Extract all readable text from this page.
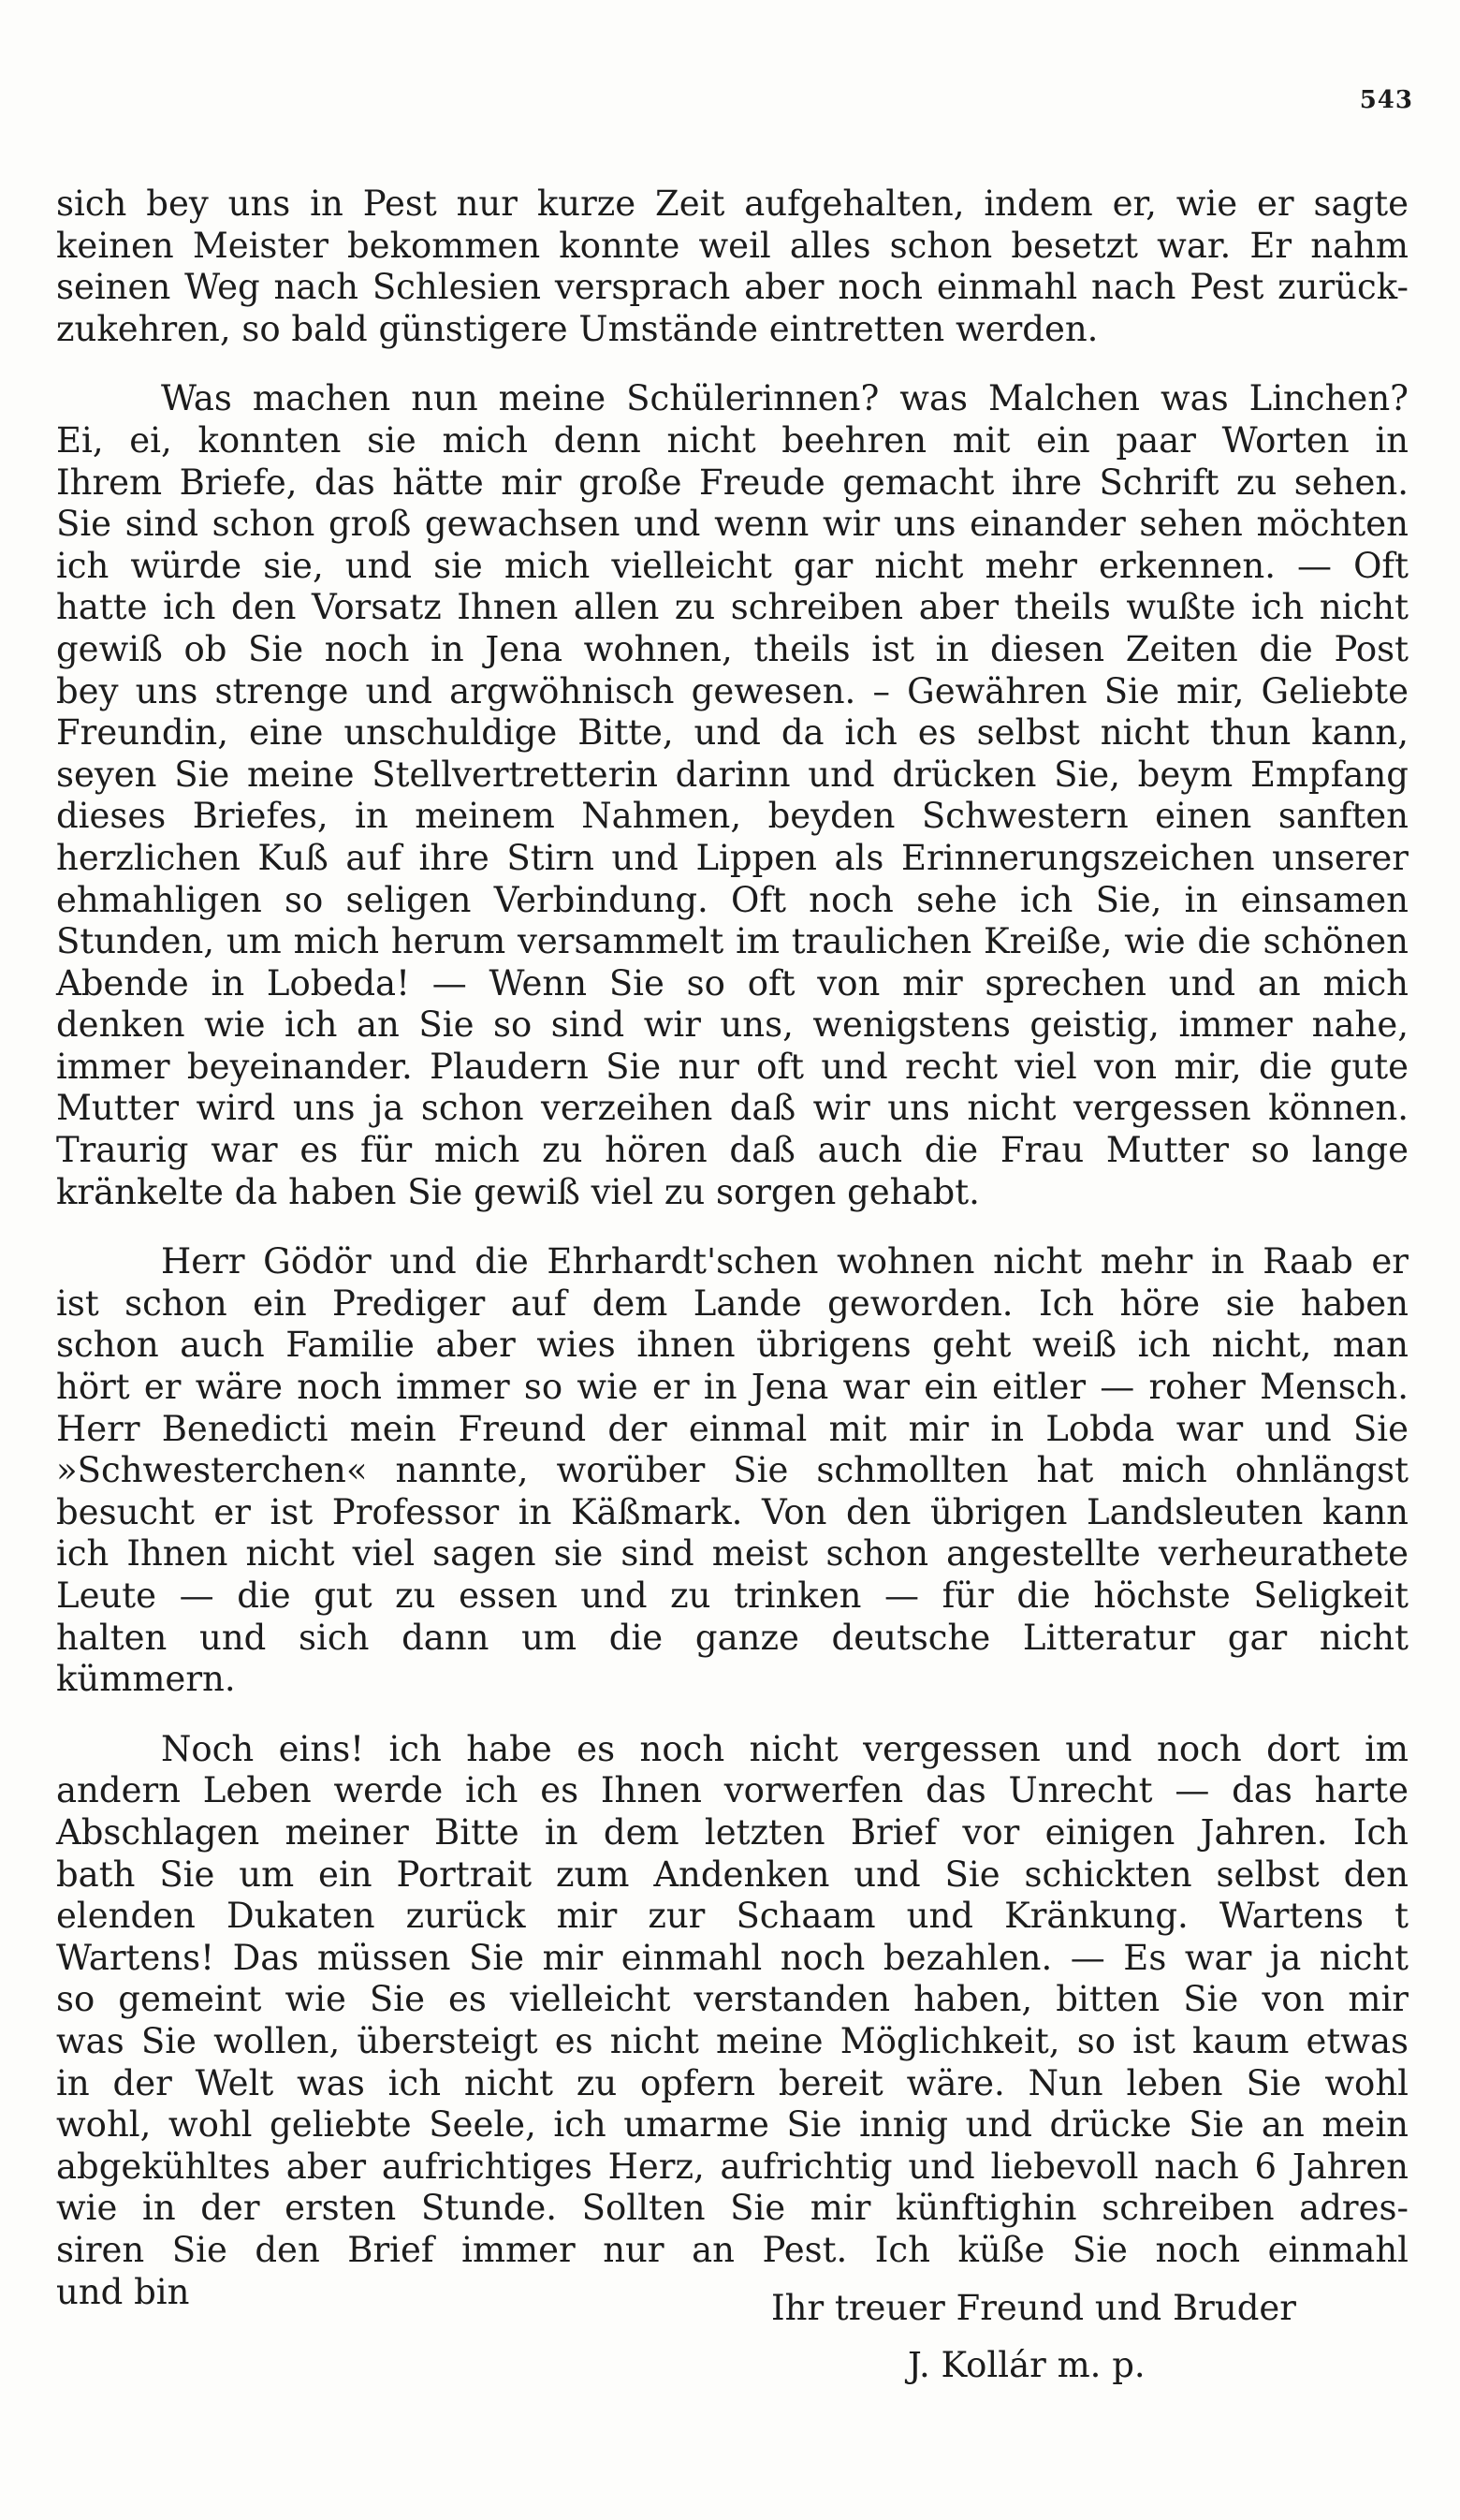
543
sich bey uns in Pest nur kurze Zeit aufgehalten, indem er, wie er sagte
keinen Meister bekommen konnte weil alles schon besetzt war. Er nahm
seinen Weg nach Schlesien versprach aber noch einmahl nach Pest zurück-
zukehren, so bald günstigere Umstände eintretten werden.
Was machen nun meine Schülerinnen? was Malchen was Linchen?
Ei, ei, konnten sie mich denn nicht beehren mit ein paar Worten in
Ihrem Briefe, das hätte mir große Freude gemacht ihre Schrift zu sehen.
Sie sind schon groß gewachsen und wenn wir uns einander sehen möchten
ich würde sie, und sie mich vielleicht gar nicht mehr erkennen. — Oft
hatte ich den Vorsatz Ihnen allen zu schreiben aber theils wußte ich nicht
gewiß ob Sie noch in Jena wohnen, theils ist in diesen Zeiten die Post
bey uns strenge und argwöhnisch gewesen. – Gewähren Sie mir, Geliebte
Freundin, eine unschuldige Bitte, und da ich es selbst nicht thun kann,
seyen Sie meine Stellvertretterin darinn und drücken Sie, beym Empfang
dieses Briefes, in meinem Nahmen, beyden Schwestern einen sanften
herzlichen Kuß auf ihre Stirn und Lippen als Erinnerungszeichen unserer
ehmahligen so seligen Verbindung. Oft noch sehe ich Sie, in einsamen
Stunden, um mich herum versammelt im traulichen Kreiße, wie die schönen
Abende in Lobeda! — Wenn Sie so oft von mir sprechen und an mich
denken wie ich an Sie so sind wir uns, wenigstens geistig, immer nahe,
immer beyeinander. Plaudern Sie nur oft und recht viel von mir, die gute
Mutter wird uns ja schon verzeihen daß wir uns nicht vergessen können.
Traurig war es für mich zu hören daß auch die Frau Mutter so lange
kränkelte da haben Sie gewiß viel zu sorgen gehabt.
Herr Gödör und die Ehrhardt'schen wohnen nicht mehr in Raab er
ist schon ein Prediger auf dem Lande geworden. Ich höre sie haben
schon auch Familie aber wies ihnen übrigens geht weiß ich nicht, man
hört er wäre noch immer so wie er in Jena war ein eitler — roher Mensch.
Herr Benedicti mein Freund der einmal mit mir in Lobda war und Sie
»Schwesterchen« nannte, worüber Sie schmollten hat mich ohnlängst
besucht er ist Professor in Käßmark. Von den übrigen Landsleuten kann
ich Ihnen nicht viel sagen sie sind meist schon angestellte verheurathete
Leute — die gut zu essen und zu trinken — für die höchste Seligkeit
halten und sich dann um die ganze deutsche Litteratur gar nicht
kümmern.
Noch eins! ich habe es noch nicht vergessen und noch dort im
andern Leben werde ich es Ihnen vorwerfen das Unrecht — das harte
Abschlagen meiner Bitte in dem letzten Brief vor einigen Jahren. Ich
bath Sie um ein Portrait zum Andenken und Sie schickten selbst den
elenden Dukaten zurück mir zur Schaam und Kränkung. Wartens t
Wartens! Das müssen Sie mir einmahl noch bezahlen. — Es war ja nicht
so gemeint wie Sie es vielleicht verstanden haben, bitten Sie von mir
was Sie wollen, übersteigt es nicht meine Möglichkeit, so ist kaum etwas
in der Welt was ich nicht zu opfern bereit wäre. Nun leben Sie wohl
wohl, wohl geliebte Seele, ich umarme Sie innig und drücke Sie an mein
abgekühltes aber aufrichtiges Herz, aufrichtig und liebevoll nach 6 Jahren
wie in der ersten Stunde. Sollten Sie mir künftighin schreiben adres-
siren Sie den Brief immer nur an Pest. Ich küße Sie noch einmahl
und bin	Ihr treuer Freund und Bruder
J. Kollár m. p.
